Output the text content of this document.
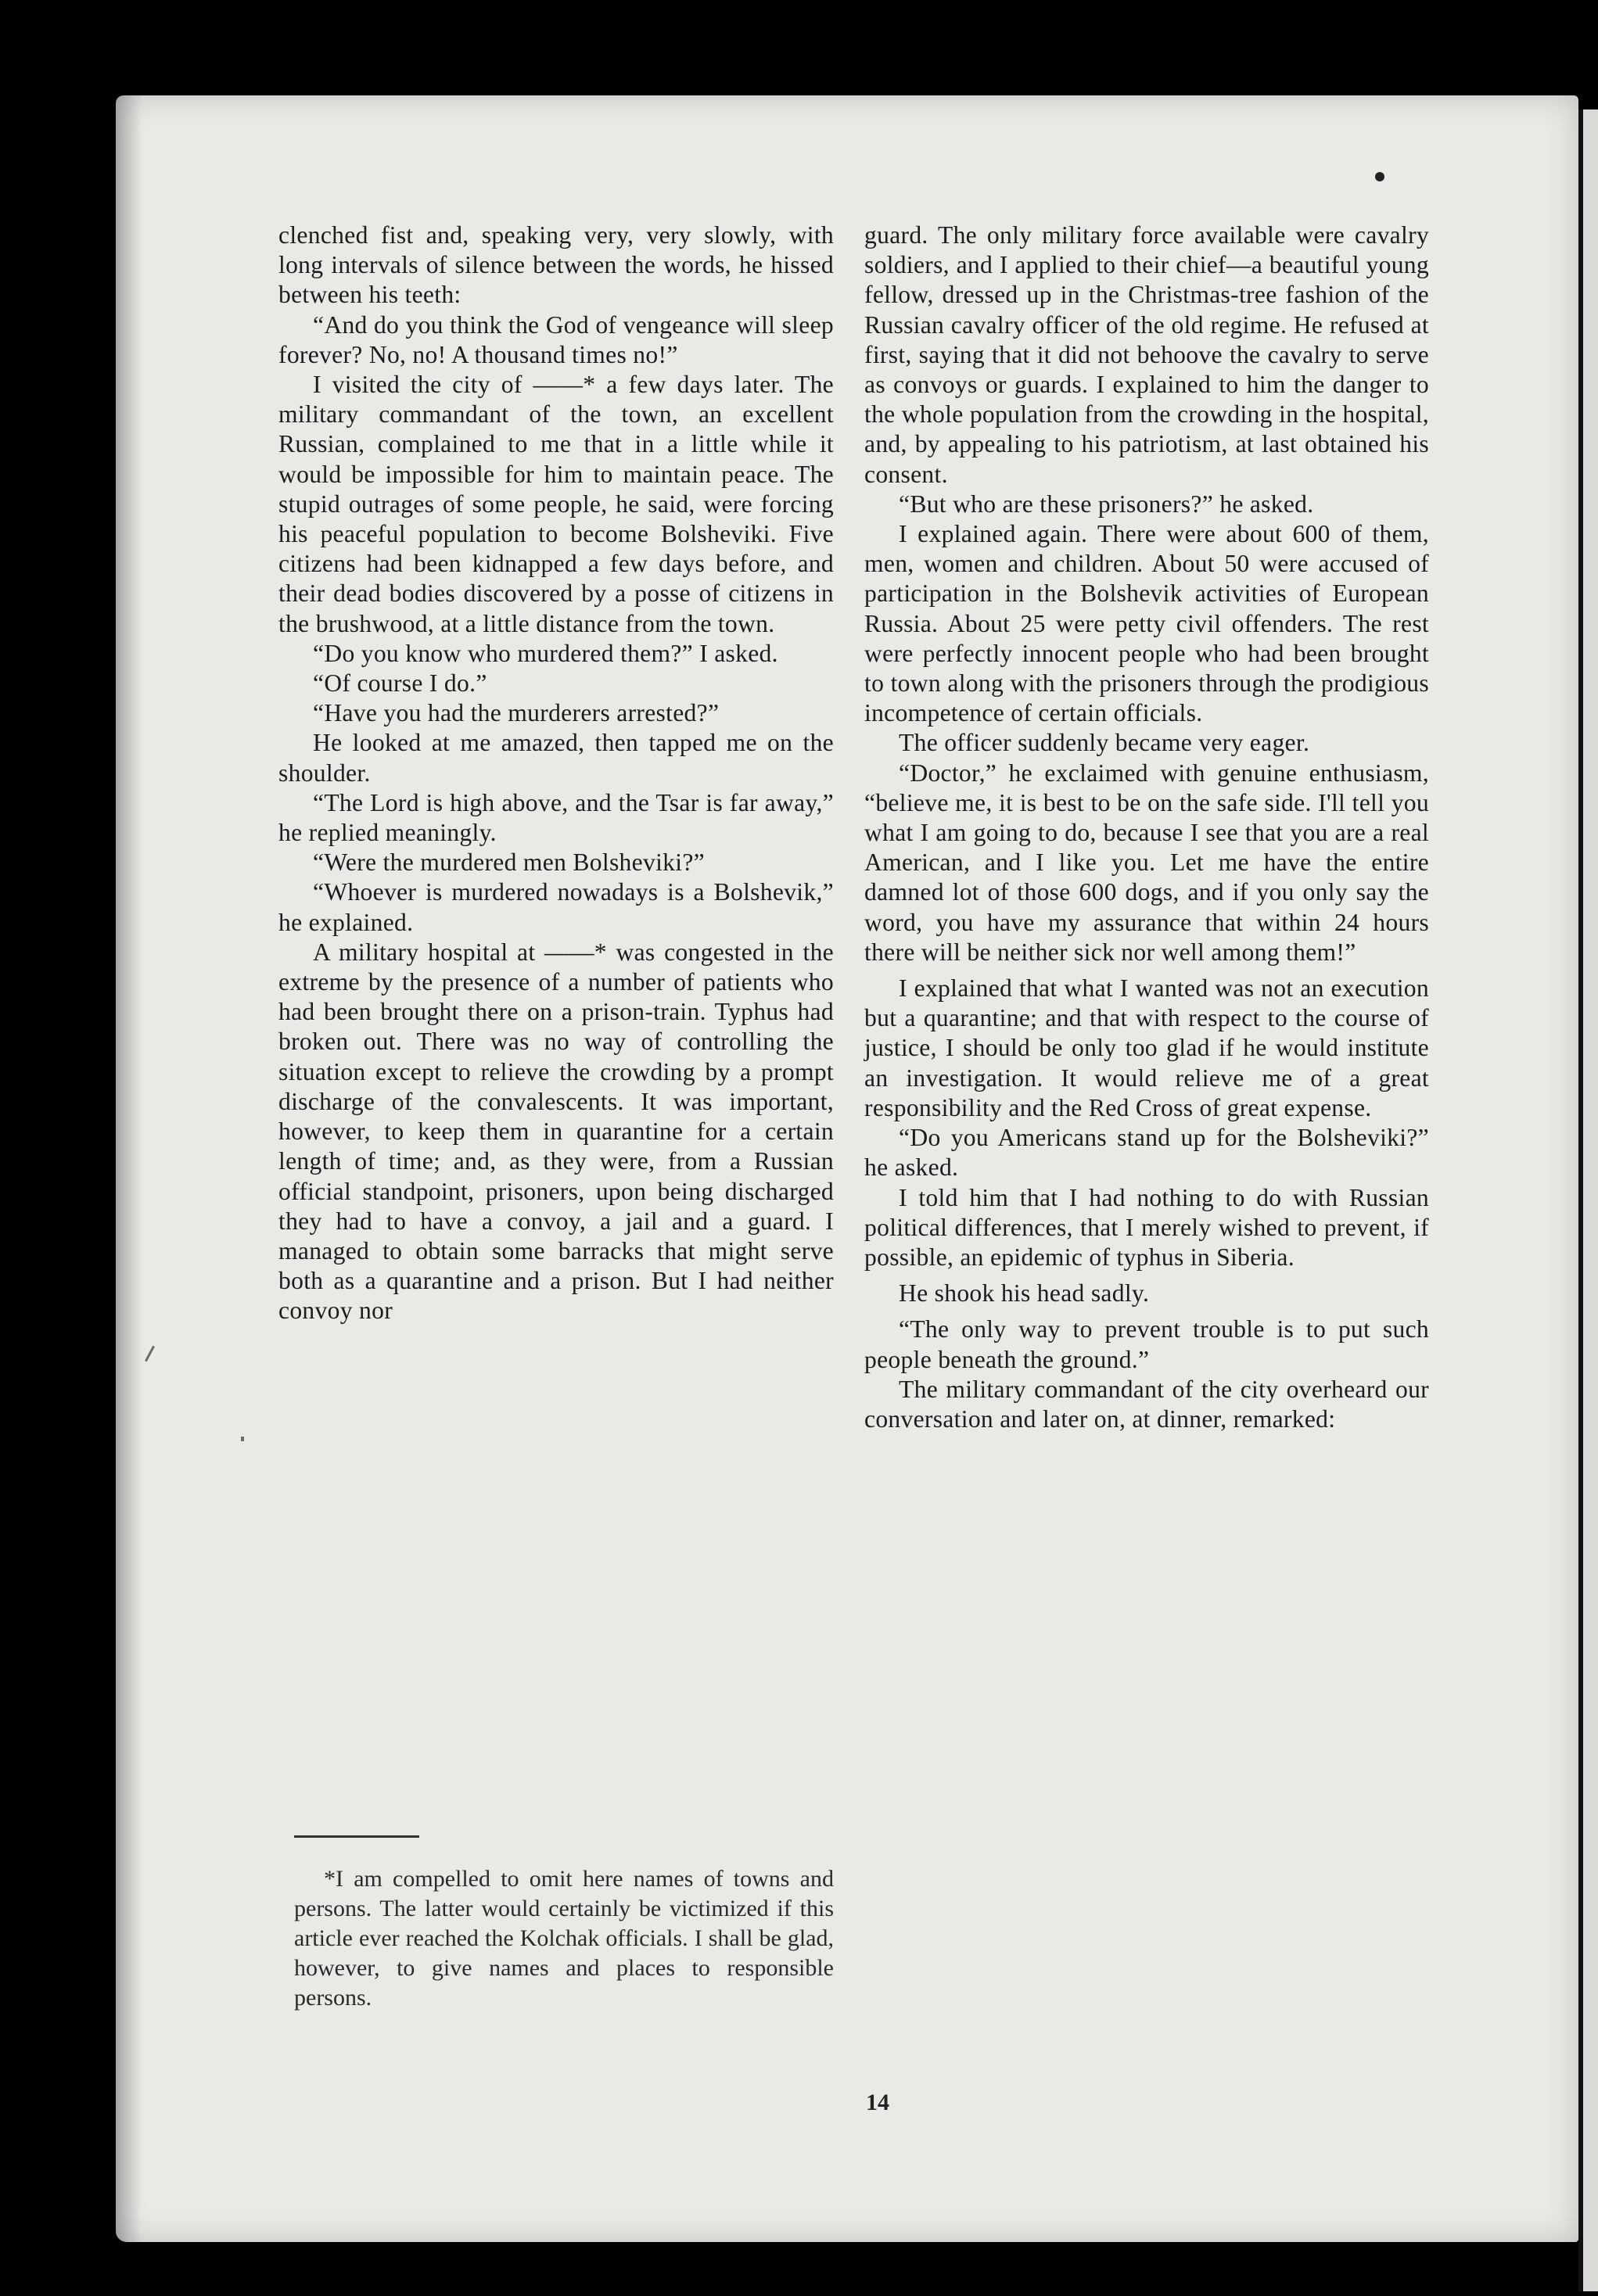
clenched fist and, speaking very, very slowly, with long intervals of silence between the words, he hissed between his teeth:

“And do you think the God of vengeance will sleep forever? No, no! A thousand times no!”

I visited the city of ——* a few days later. The military commandant of the town, an excellent Russian, complained to me that in a little while it would be impossible for him to maintain peace. The stupid outrages of some people, he said, were forcing his peaceful population to become Bolsheviki. Five citizens had been kidnapped a few days before, and their dead bodies discovered by a posse of citizens in the brushwood, at a little distance from the town.

“Do you know who murdered them?” I asked.

“Of course I do.”

“Have you had the murderers arrested?”

He looked at me amazed, then tapped me on the shoulder.

“The Lord is high above, and the Tsar is far away,” he replied meaningly.

“Were the murdered men Bolsheviki?”

“Whoever is murdered nowadays is a Bolshevik,” he explained.

A military hospital at ——* was congested in the extreme by the presence of a number of patients who had been brought there on a prison-train. Typhus had broken out. There was no way of controlling the situation except to relieve the crowding by a prompt discharge of the convalescents. It was important, however, to keep them in quarantine for a certain length of time; and, as they were, from a Russian official standpoint, prisoners, upon being discharged they had to have a convoy, a jail and a guard. I managed to obtain some barracks that might serve both as a quarantine and a prison. But I had neither convoy nor

guard. The only military force available were cavalry soldiers, and I applied to their chief—a beautiful young fellow, dressed up in the Christmas-tree fashion of the Russian cavalry officer of the old regime. He refused at first, saying that it did not behoove the cavalry to serve as convoys or guards. I explained to him the danger to the whole population from the crowding in the hospital, and, by appealing to his patriotism, at last obtained his consent.

“But who are these prisoners?” he asked.

I explained again. There were about 600 of them, men, women and children. About 50 were accused of participation in the Bolshevik activities of European Russia. About 25 were petty civil offenders. The rest were perfectly innocent people who had been brought to town along with the prisoners through the prodigious incompetence of certain officials.

The officer suddenly became very eager.

“Doctor,” he exclaimed with genuine enthusiasm, “believe me, it is best to be on the safe side. I'll tell you what I am going to do, because I see that you are a real American, and I like you. Let me have the entire damned lot of those 600 dogs, and if you only say the word, you have my assurance that within 24 hours there will be neither sick nor well among them!”

I explained that what I wanted was not an execution but a quarantine; and that with respect to the course of justice, I should be only too glad if he would institute an investigation. It would relieve me of a great responsibility and the Red Cross of great expense.

“Do you Americans stand up for the Bolsheviki?” he asked.

I told him that I had nothing to do with Russian political differences, that I merely wished to prevent, if possible, an epidemic of typhus in Siberia.

He shook his head sadly.

“The only way to prevent trouble is to put such people beneath the ground.”

The military commandant of the city overheard our conversation and later on, at dinner, remarked:

*I am compelled to omit here names of towns and persons. The latter would certainly be victimized if this article ever reached the Kolchak officials. I shall be glad, however, to give names and places to responsible persons.

14
